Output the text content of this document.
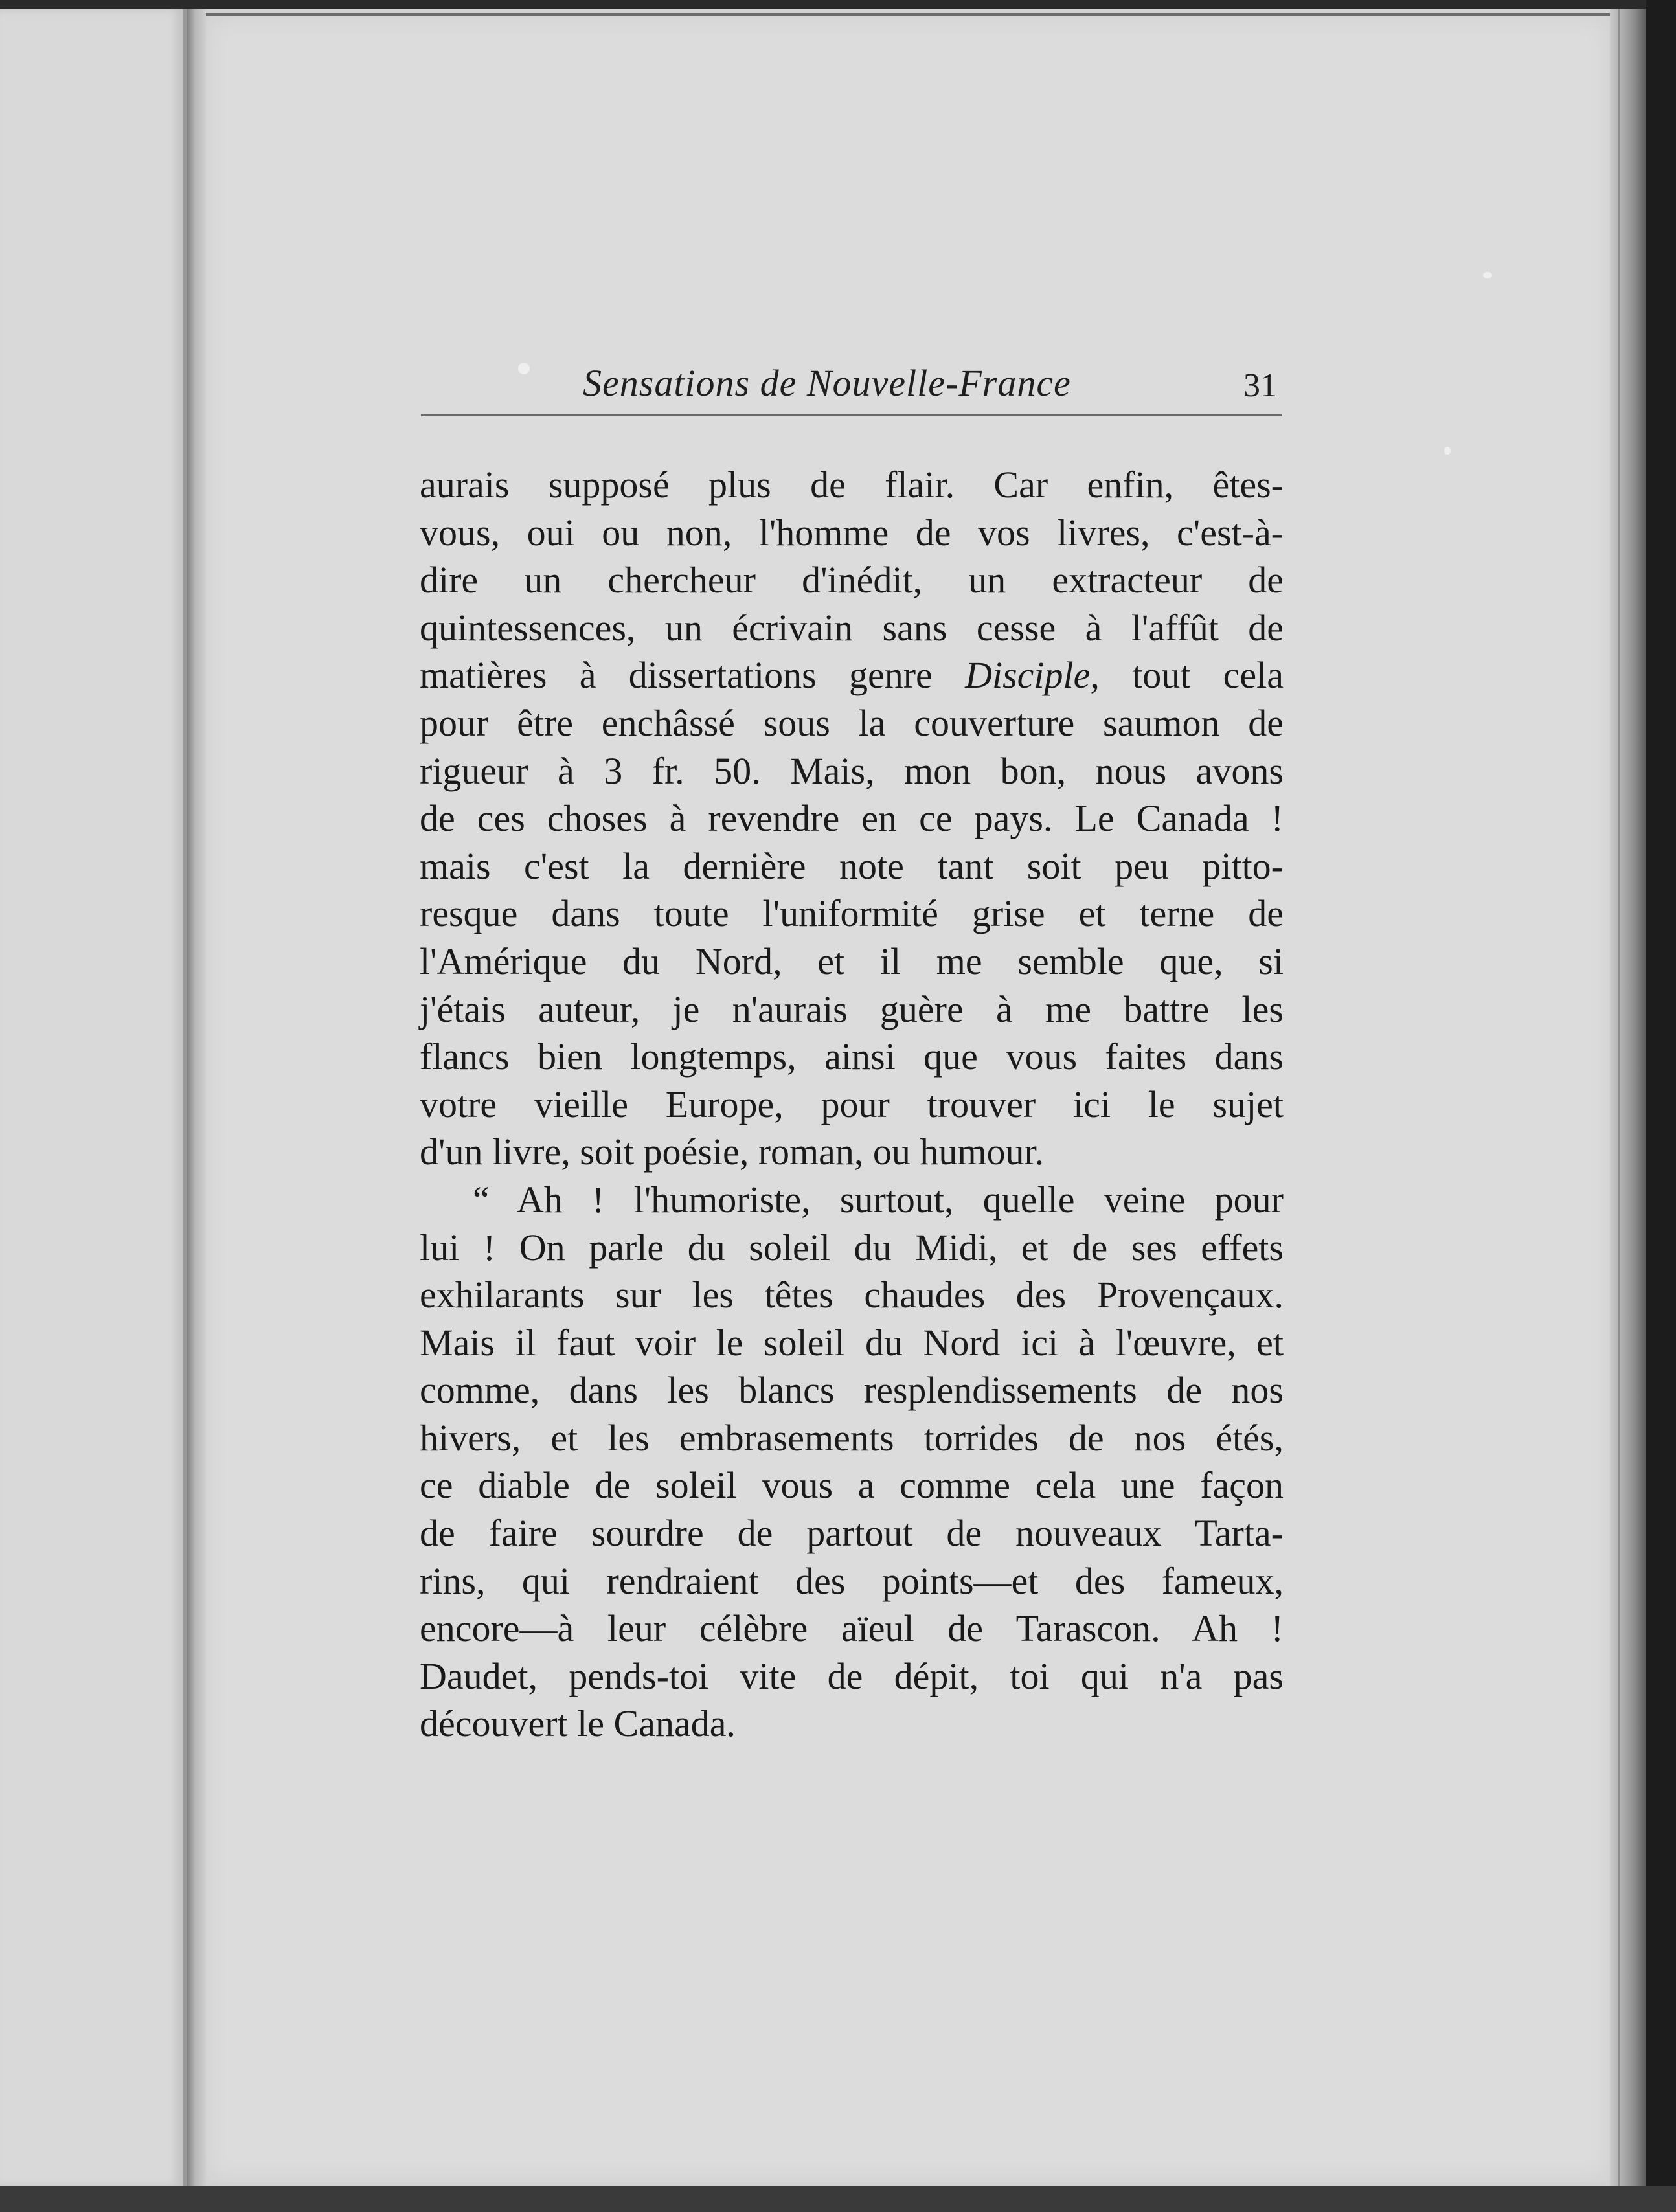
Sensations de Nouvelle-France	31
aurais supposé plus de flair. Car enfin, êtes-
vous, oui ou non, l'homme de vos livres, c'est-à-
dire un chercheur d'inédit, un extracteur de
quintessences, un écrivain sans cesse à l'affût de
matières à dissertations genre Disciple, tout cela
pour être enchâssé sous la couverture saumon de
rigueur à 3 fr. 50. Mais, mon bon, nous avons
de ces choses à revendre en ce pays. Le Canada !
mais c'est la dernière note tant soit peu pitto-
resque dans toute l'uniformité grise et terne de
l'Amérique du Nord, et il me semble que, si
j'étais auteur, je n'aurais guère à me battre les
flancs bien longtemps, ainsi que vous faites dans
votre vieille Europe, pour trouver ici le sujet
d'un livre, soit poésie, roman, ou humour.
“ Ah ! l'humoriste, surtout, quelle veine pour
lui ! On parle du soleil du Midi, et de ses effets
exhilarants sur les têtes chaudes des Provençaux.
Mais il faut voir le soleil du Nord ici à l'œuvre, et
comme, dans les blancs resplendissements de nos
hivers, et les embrasements torrides de nos étés,
ce diable de soleil vous a comme cela une façon
de faire sourdre de partout de nouveaux Tarta-
rins, qui rendraient des points—et des fameux,
encore—à leur célèbre aïeul de Tarascon. Ah !
Daudet, pends-toi vite de dépit, toi qui n'a pas
découvert le Canada.
